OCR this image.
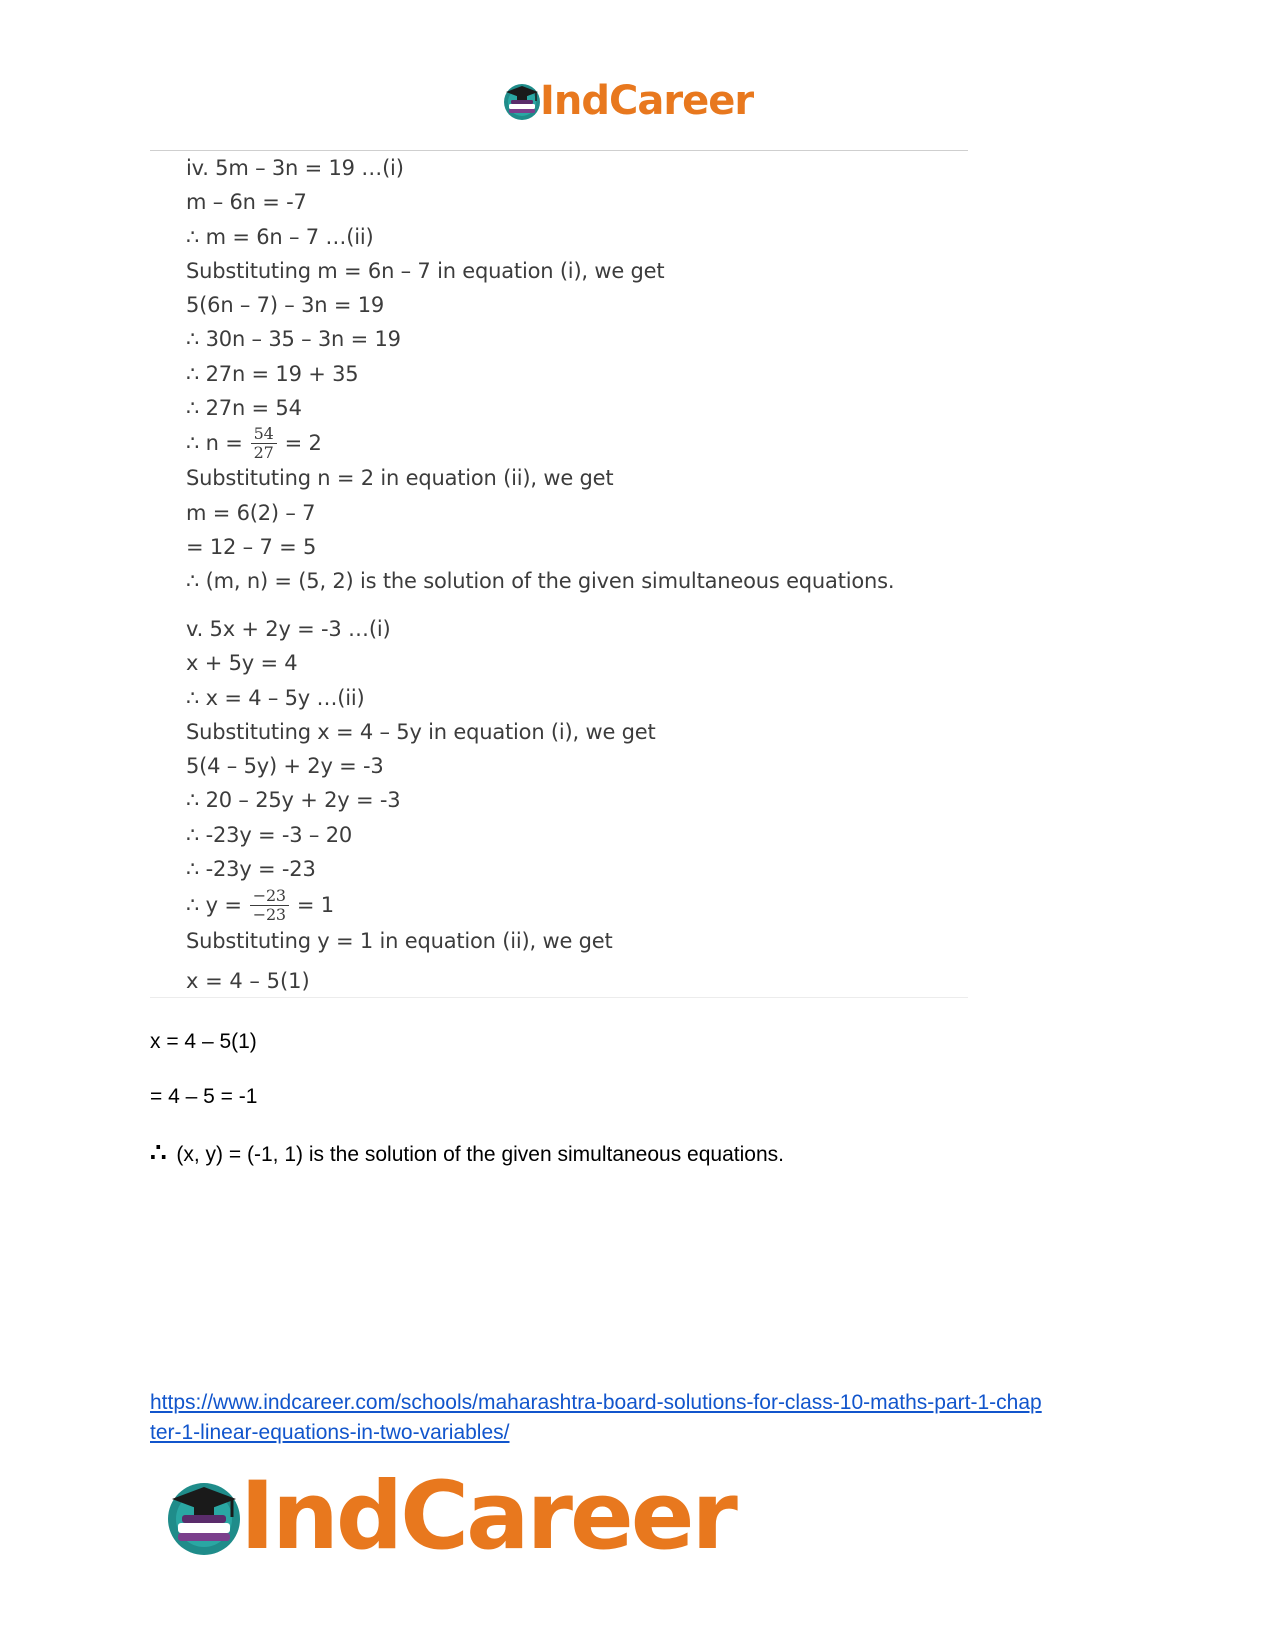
IndCareer
iv. 5m – 3n = 19 …(i)
m – 6n = -7
∴ m = 6n – 7 …(ii)
Substituting m = 6n – 7 in equation (i), we get
5(6n – 7) – 3n = 19
∴ 30n – 35 – 3n = 19
∴ 27n = 19 + 35
∴ 27n = 54
∴ $n = \frac{54}{27} = 2$
Substituting n = 2 in equation (ii), we get
m = 6(2) – 7
= 12 – 7 = 5
∴ (m, n) = (5, 2) is the solution of the given simultaneous equations.
v. 5x + 2y = -3 …(i)
x + 5y = 4
∴ x = 4 – 5y …(ii)
Substituting x = 4 – 5y in equation (i), we get
5(4 – 5y) + 2y = -3
∴ 20 – 25y + 2y = -3
∴ -23y = -3 – 20
∴ -23y = -23
∴ $y = \frac{-23}{-23} = 1$
Substituting y = 1 in equation (ii), we get
x = 4 – 5(1)
x = 4 – 5(1)
= 4 – 5 = -1
∴ (x, y) = (-1, 1) is the solution of the given simultaneous equations.
https://www.indcareer.com/schools/maharashtra-board-solutions-for-class-10-maths-part-1-chap
ter-1-linear-equations-in-two-variables/
IndCareer
